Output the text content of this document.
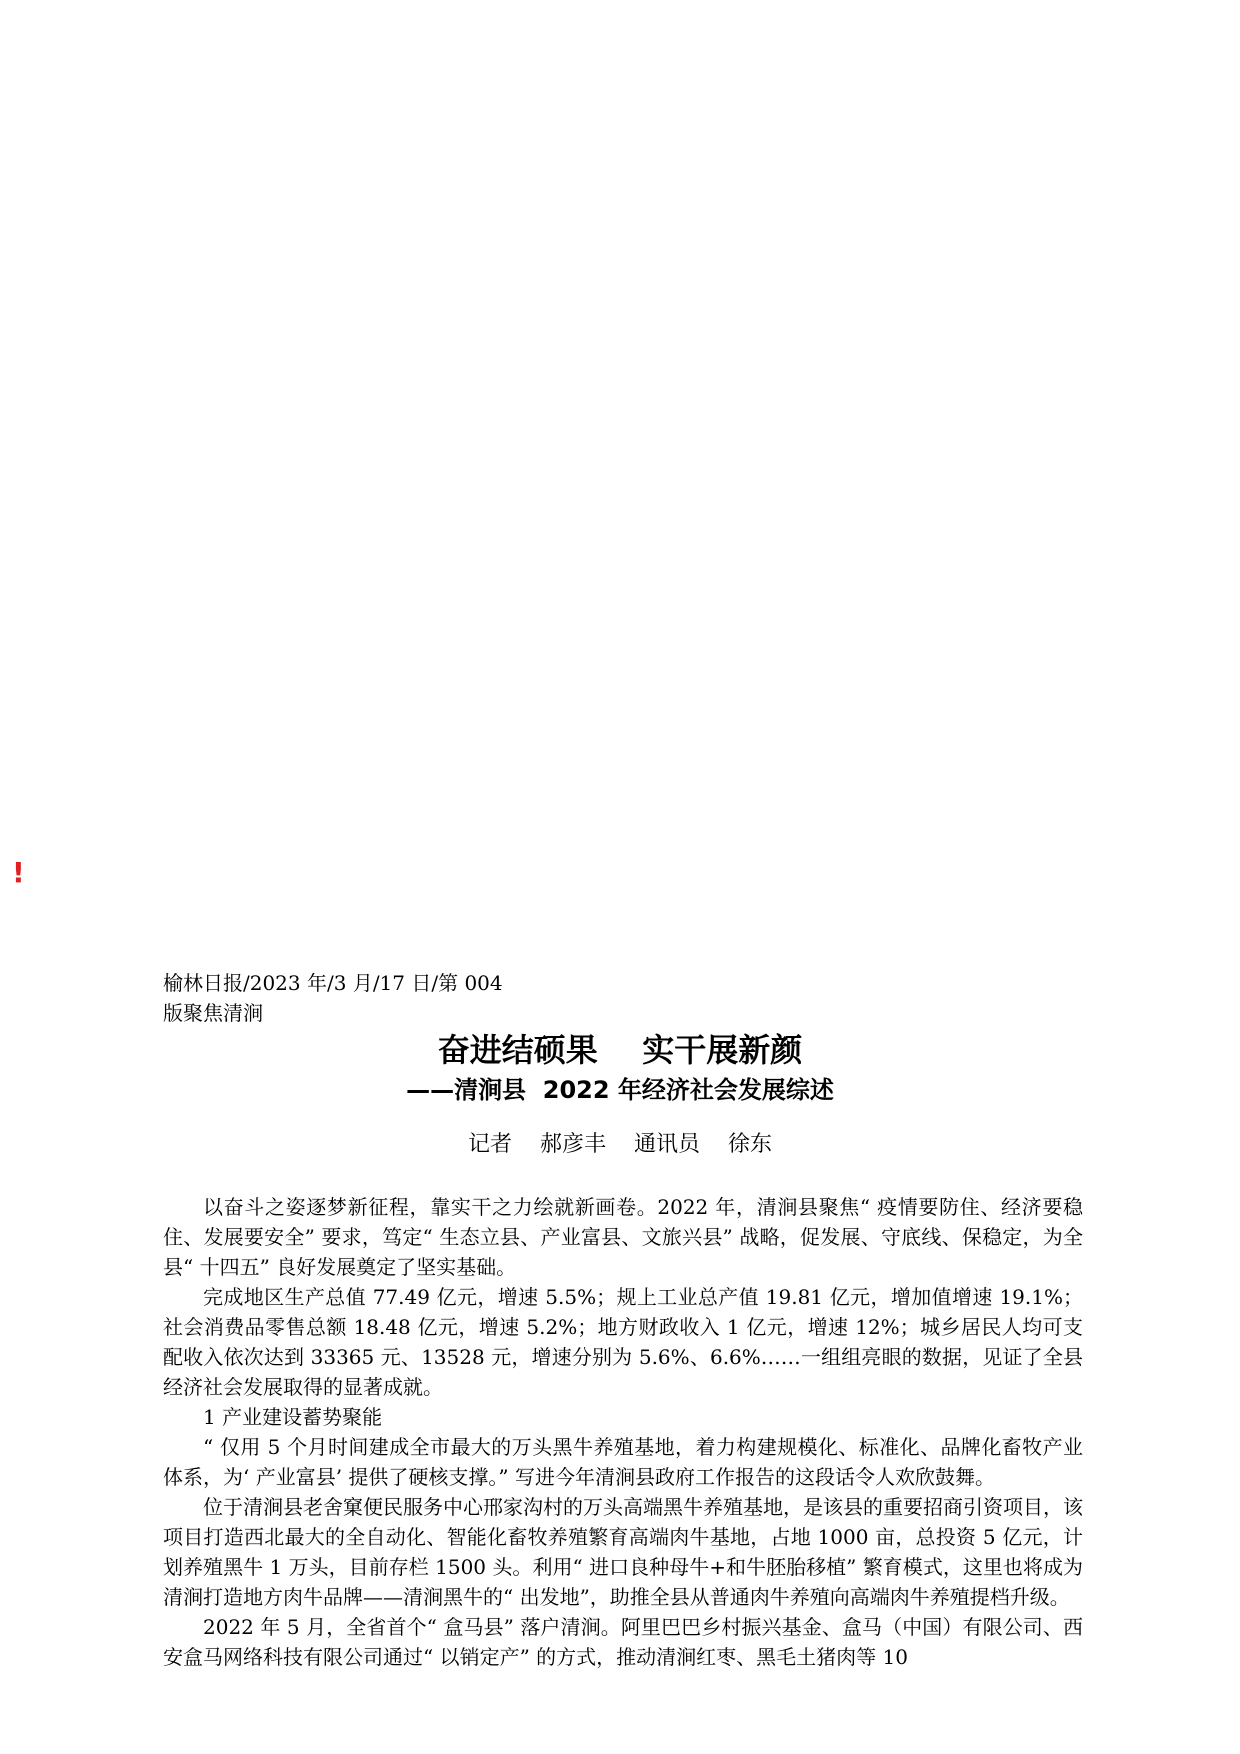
!
榆林日报/2023 年/3 月/17 日/第 004
版聚焦清涧
奋进结硕果    实干展新颜
——清涧县  2022 年经济社会发展综述
记者    郝彦丰    通讯员    徐东

以奋斗之姿逐梦新征程，靠实干之力绘就新画卷。2022 年，清涧县聚焦“ 疫情要防住、经济要稳住、发展要安全” 要求，笃定“ 生态立县、产业富县、文旅兴县” 战略，促发展、守底线、保稳定，为全县“ 十四五” 良好发展奠定了坚实基础。

完成地区生产总值 77.49 亿元，增速 5.5%；规上工业总产值 19.81 亿元，增加值增速 19.1%；社会消费品零售总额 18.48 亿元，增速 5.2%；地方财政收入 1 亿元，增速 12%；城乡居民人均可支配收入依次达到 33365 元、13528 元，增速分别为 5.6%、6.6%……一组组亮眼的数据，见证了全县经济社会发展取得的显著成就。

1 产业建设蓄势聚能

“ 仅用 5 个月时间建成全市最大的万头黑牛养殖基地，着力构建规模化、标准化、品牌化畜牧产业体系，为‘ 产业富县’ 提供了硬核支撑。” 写进今年清涧县政府工作报告的这段话令人欢欣鼓舞。

位于清涧县老舍窠便民服务中心邢家沟村的万头高端黑牛养殖基地，是该县的重要招商引资项目，该项目打造西北最大的全自动化、智能化畜牧养殖繁育高端肉牛基地，占地 1000 亩，总投资 5 亿元，计划养殖黑牛 1 万头，目前存栏 1500 头。利用“ 进口良种母牛+和牛胚胎移植” 繁育模式，这里也将成为清涧打造地方肉牛品牌——清涧黑牛的“ 出发地”，助推全县从普通肉牛养殖向高端肉牛养殖提档升级。

2022 年 5 月，全省首个“ 盒马县” 落户清涧。阿里巴巴乡村振兴基金、盒马（中国）有限公司、西安盒马网络科技有限公司通过“ 以销定产” 的方式，推动清涧红枣、黑毛土猪肉等 10
